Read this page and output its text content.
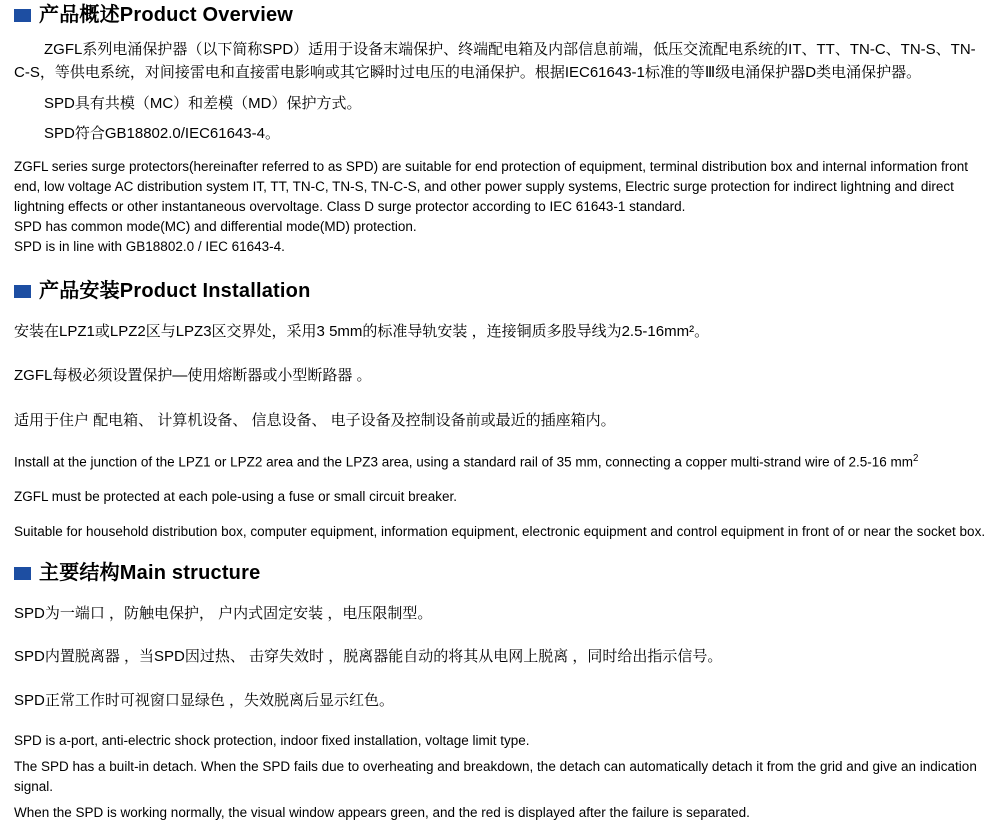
产品概述Product Overview

ZGFL系列电涌保护器（以下简称SPD）适用于设备末端保护、终端配电箱及内部信息前端，低压交流配电系统的IT、TT、TN-C、TN-S、TN-C-S，等供电系统，对间接雷电和直接雷电影响或其它瞬时过电压的电涌保护。根据IEC61643-1标准的等Ⅲ级电涌保护器D类电涌保护器。

SPD具有共模（MC）和差模（MD）保护方式。

SPD符合GB18802.0/IEC61643-4。

ZGFL series surge protectors(hereinafter referred to as SPD) are suitable for end protection of equipment, terminal distribution box and internal information front end, low voltage AC distribution system IT, TT, TN-C, TN-S, TN-C-S, and other power supply systems, Electric surge protection for indirect lightning and direct lightning effects or other instantaneous overvoltage. Class D surge protector according to IEC 61643-1 standard.

SPD has common mode(MC) and differential mode(MD) protection.

SPD is in line with GB18802.0 / IEC 61643-4.

产品安装Product Installation

安装在LPZ1或LPZ2区与LPZ3区交界处，采用3 5mm的标准导轨安装 ，连接铜质多股导线为2.5-16mm²。

ZGFL每极必须设置保护—使用熔断器或小型断路器 。

适用于住户 配电箱、 计算机设备、 信息设备、 电子设备及控制设备前或最近的插座箱内。

Install at the junction of the LPZ1 or LPZ2 area and the LPZ3 area, using a standard rail of 35 mm, connecting a copper multi-strand wire of 2.5-16 $mm^2$

ZGFL must be protected at each pole-using a fuse or small circuit breaker.

Suitable for household distribution box, computer equipment, information equipment, electronic equipment and control equipment in front of or near the socket box.

主要结构Main structure

SPD为一端口 ，防触电保护， 户内式固定安装 ，电压限制型。

SPD内置脱离器 ，当SPD因过热、 击穿失效时 ，脱离器能自动的将其从电网上脱离 ，同时给出指示信号。

SPD正常工作时可视窗口显绿色 ，失效脱离后显示红色。

SPD is a-port, anti-electric shock protection, indoor fixed installation, voltage limit type.

The SPD has a built-in detach. When the SPD fails due to overheating and breakdown, the detach can automatically detach it from the grid and give an indication signal.

When the SPD is working normally, the visual window appears green, and the red is displayed after the failure is separated.
